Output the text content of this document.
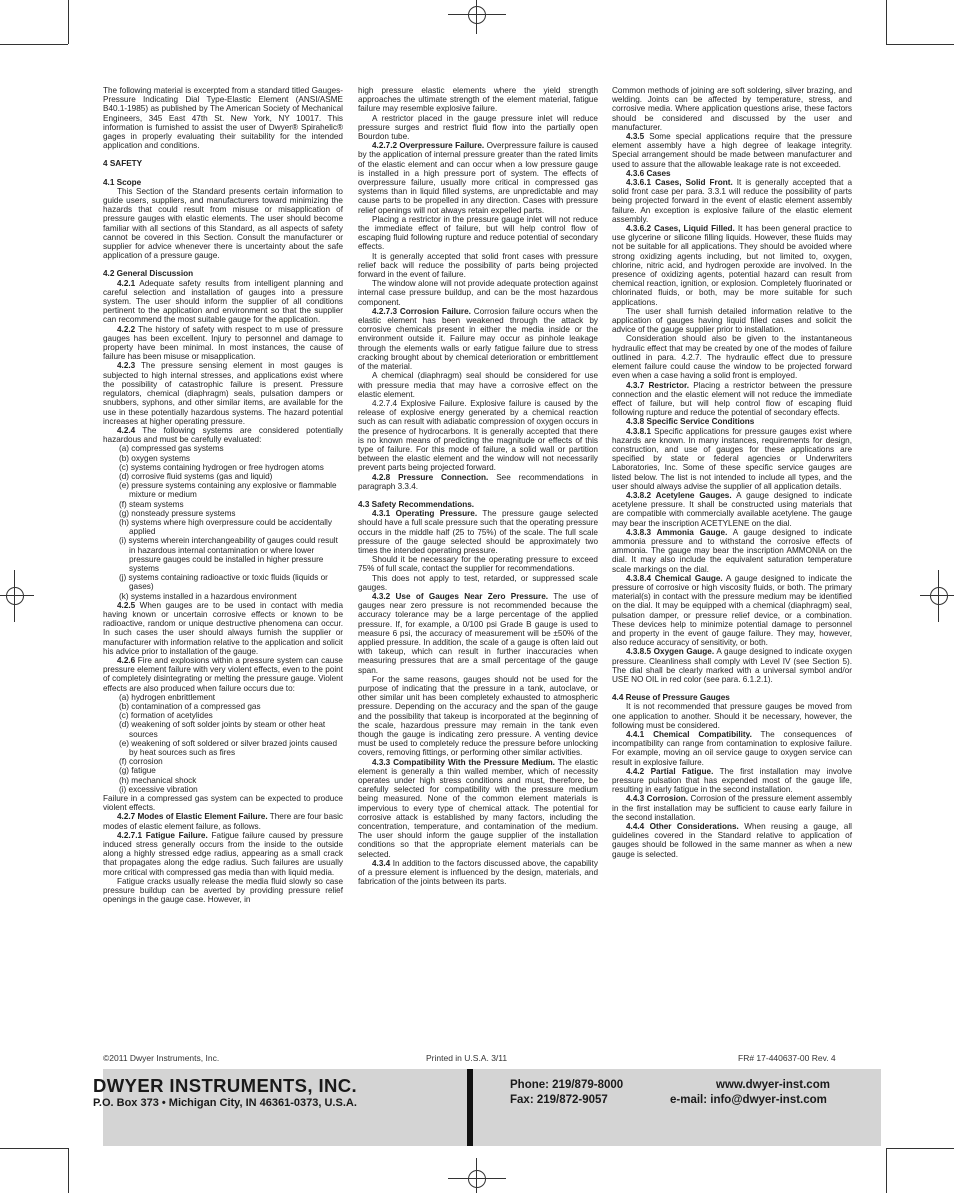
The following material is excerpted from a standard titled Gauges-Pressure Indicating Dial Type-Elastic Element (ANSI/ASME B40.1-1985) as published by The American Society of Mechanical Engineers, 345 East 47th St. New York, NY 10017. This information is furnished to assist the user of Dwyer® Spirahelic® gages in properly evaluating their suitability for the intended application and conditions.

4 SAFETY

4.1 Scope

This Section of the Standard presents certain information to guide users, suppliers, and manufacturers toward minimizing the hazards that could result from misuse or misapplication of pressure gauges with elastic elements. The user should become familiar with all sections of this Standard, as all aspects of safety cannot be covered in this Section. Consult the manufacturer or supplier for advice whenever there is uncertainty about the safe application of a pressure gauge.

4.2 General Discussion

4.2.1 Adequate safety results from intelligent planning and careful selection and installation of gauges into a pressure system. The user should inform the supplier of all conditions pertinent to the application and environment so that the supplier can recommend the most suitable gauge for the application.

4.2.2 The history of safety with respect to m use of pressure gauges has been excellent. Injury to personnel and damage to property have been minimal. In most instances, the cause of failure has been misuse or misapplication.

4.2.3 The pressure sensing element in most gauges is subjected to high internal stresses, and applications exist where the possibility of catastrophic failure is present. Pressure regulators, chemical (diaphragm) seals, pulsation dampers or snubbers, syphons, and other similar items, are available for the use in these potentially hazardous systems. The hazard potential increases at higher operating pressure.

4.2.4 The following systems are considered potentially hazardous and must be carefully evaluated:

(a) compressed gas systems
(b) oxygen systems
(c) systems containing hydrogen or free hydrogen atoms
(d) corrosive fluid systems (gas and liquid)
(e) pressure systems containing any explosive or flammable mixture or medium
(f) steam systems
(g) nonsteady pressure systems
(h) systems where high overpressure could be accidentally applied
(i) systems wherein interchangeability of gauges could result in hazardous internal contamination or where lower pressure gauges could be installed in higher pressure systems
(j) systems containing radioactive or toxic fluids (liquids or gases)
(k) systems installed in a hazardous environment

4.2.5 When gauges are to be used in contact with media having known or uncertain corrosive effects or known to be radioactive, random or unique destructive phenomena can occur. In such cases the user should always furnish the supplier or manufacturer with information relative to the application and solicit his advice prior to installation of the gauge.

4.2.6 Fire and explosions within a pressure system can cause pressure element failure with very violent effects, even to the point of completely disintegrating or melting the pressure gauge. Violent effects are also produced when failure occurs due to:

(a) hydrogen enbrittlement
(b) contamination of a compressed gas
(c) formation of acetylides
(d) weakening of soft solder joints by steam or other heat sources
(e) weakening of soft soldered or silver brazed joints caused by heat sources such as fires
(f) corrosion
(g) fatigue
(h) mechanical shock
(i) excessive vibration

Failure in a compressed gas system can be expected to produce violent effects.

4.2.7 Modes of Elastic Element Failure. There are four basic modes of elastic element failure, as follows.

4.2.7.1 Fatigue Failure. Fatigue failure caused by pressure induced stress generally occurs from the inside to the outside along a highly stressed edge radius, appearing as a small crack that propagates along the edge radius. Such failures are usually more critical with compressed gas media than with liquid media.

Fatigue cracks usually release the media fluid slowly so case pressure buildup can be averted by providing pressure relief openings in the gauge case. However, in

high pressure elastic elements where the yield strength approaches the ultimate strength of the element material, fatigue failure may resemble explosive failure.

A restrictor placed in the gauge pressure inlet will reduce pressure surges and restrict fluid flow into the partially open Bourdon tube.

4.2.7.2 Overpressure Failure. Overpressure failure is caused by the application of internal pressure greater than the rated limits of the elastic element and can occur when a low pressure gauge is installed in a high pressure port of system. The effects of overpressure failure, usually more critical in compressed gas systems than in liquid filled systems, are unpredictable and may cause parts to be propelled in any direction. Cases with pressure relief openings will not always retain expelled parts.

Placing a restrictor in the pressure gauge inlet will not reduce the immediate effect of failure, but will help control flow of escaping fluid following rupture and reduce potential of secondary effects.

It is generally accepted that solid front cases with pressure relief back will reduce the possibility of parts being projected forward in the event of failure.

The window alone will not provide adequate protection against internal case pressure buildup, and can be the most hazardous component.

4.2.7.3 Corrosion Failure. Corrosion failure occurs when the elastic element has been weakened through the attack by corrosive chemicals present in either the media inside or the environment outside it. Failure may occur as pinhole leakage through the elements walls or early fatigue failure due to stress cracking brought about by chemical deterioration or embrittlement of the material.

A chemical (diaphragm) seal should be considered for use with pressure media that may have a corrosive effect on the elastic element.

4.2.7.4 Explosive Failure. Explosive failure is caused by the release of explosive energy generated by a chemical reaction such as can result with adiabatic compression of oxygen occurs in the presence of hydrocarbons. It is generally accepted that there is no known means of predicting the magnitude or effects of this type of failure. For this mode of failure, a solid wall or partition between the elastic element and the window will not necessarily prevent parts being projected forward.

4.2.8 Pressure Connection. See recommendations in paragraph 3.3.4.

4.3 Safety Recommendations.

4.3.1 Operating Pressure. The pressure gauge selected should have a full scale pressure such that the operating pressure occurs in the middle half (25 to 75%) of the scale. The full scale pressure of the gauge selected should be approximately two times the intended operating pressure.

Should it be necessary for the operating pressure to exceed 75% of full scale, contact the supplier for recommendations.

This does not apply to test, retarded, or suppressed scale gauges.

4.3.2 Use of Gauges Near Zero Pressure. The use of gauges near zero pressure is not recommended because the accuracy tolerance may be a large percentage of the applied pressure. If, for example, a 0/100 psi Grade B gauge is used to measure 6 psi, the accuracy of measurement will be ±50% of the applied pressure. In addition, the scale of a gauge is often laid out with takeup, which can result in further inaccuracies when measuring pressures that are a small percentage of the gauge span.

For the same reasons, gauges should not be used for the purpose of indicating that the pressure in a tank, autoclave, or other similar unit has been completely exhausted to atmospheric pressure. Depending on the accuracy and the span of the gauge and the possibility that takeup is incorporated at the beginning of the scale, hazardous pressure may remain in the tank even though the gauge is indicating zero pressure. A venting device must be used to completely reduce the pressure before unlocking covers, removing fittings, or performing other similar activities.

4.3.3 Compatibility With the Pressure Medium. The elastic element is generally a thin walled member, which of necessity operates under high stress conditions and must, therefore, be carefully selected for compatibility with the pressure medium being measured. None of the common element materials is impervious to every type of chemical attack. The potential for corrosive attack is established by many factors, including the concentration, temperature, and contamination of the medium. The user should inform the gauge supplier of the installation conditions so that the appropriate element materials can be selected.

4.3.4 In addition to the factors discussed above, the capability of a pressure element is influenced by the design, materials, and fabrication of the joints between its parts.

Common methods of joining are soft soldering, silver brazing, and welding. Joints can be affected by temperature, stress, and corrosive media. Where application questions arise, these factors should be considered and discussed by the user and manufacturer.

4.3.5 Some special applications require that the pressure element assembly have a high degree of leakage integrity. Special arrangement should be made between manufacturer and used to assure that the allowable leakage rate is not exceeded.

4.3.6 Cases

4.3.6.1 Cases, Solid Front. It is generally accepted that a solid front case per para. 3.3.1 will reduce the possibility of parts being projected forward in the event of elastic element assembly failure. An exception is explosive failure of the elastic element assembly.

4.3.6.2 Cases, Liquid Filled. It has been general practice to use glycerine or silicone filling liquids. However, these fluids may not be suitable for all applications. They should be avoided where strong oxidizing agents including, but not limited to, oxygen, chlorine, nitric acid, and hydrogen peroxide are involved. In the presence of oxidizing agents, potential hazard can result from chemical reaction, ignition, or explosion. Completely fluorinated or chlorinated fluids, or both, may be more suitable for such applications.

The user shall furnish detailed information relative to the application of gauges having liquid filled cases and solicit the advice of the gauge supplier prior to installation.

Consideration should also be given to the instantaneous hydraulic effect that may be created by one of the modes of failure outlined in para. 4.2.7. The hydraulic effect due to pressure element failure could cause the window to be projected forward even when a case having a solid front is employed.

4.3.7 Restrictor. Placing a restrictor between the pressure connection and the elastic element will not reduce the immediate effect of failure, but will help control flow of escaping fluid following rupture and reduce the potential of secondary effects.

4.3.8 Specific Service Conditions

4.3.8.1 Specific applications for pressure gauges exist where hazards are known. In many instances, requirements for design, construction, and use of gauges for these applications are specified by state or federal agencies or Underwriters Laboratories, Inc. Some of these specific service gauges are listed below. The list is not intended to include all types, and the user should always advise the supplier of all application details.

4.3.8.2 Acetylene Gauges. A gauge designed to indicate acetylene pressure. It shall be constructed using materials that are compatible with commercially available acetylene. The gauge may bear the inscription ACETYLENE on the dial.

4.3.8.3 Ammonia Gauge. A gauge designed to indicate ammonia pressure and to withstand the corrosive effects of ammonia. The gauge may bear the inscription AMMONIA on the dial. It may also include the equivalent saturation temperature scale markings on the dial.

4.3.8.4 Chemical Gauge. A gauge designed to indicate the pressure of corrosive or high viscosity fluids, or both. The primary material(s) in contact with the pressure medium may be identified on the dial. It may be equipped with a chemical (diaphragm) seal, pulsation damper, or pressure relief device, or a combination. These devices help to minimize potential damage to personnel and property in the event of gauge failure. They may, however, also reduce accuracy of sensitivity, or both.

4.3.8.5 Oxygen Gauge. A gauge designed to indicate oxygen pressure. Cleanliness shall comply with Level IV (see Section 5). The dial shall be clearly marked with a universal symbol and/or USE NO OIL in red color (see para. 6.1.2.1).

4.4 Reuse of Pressure Gauges

It is not recommended that pressure gauges be moved from one application to another. Should it be necessary, however, the following must be considered.

4.4.1 Chemical Compatibility. The consequences of incompatibility can range from contamination to explosive failure. For example, moving an oil service gauge to oxygen service can result in explosive failure.

4.4.2 Partial Fatigue. The first installation may involve pressure pulsation that has expended most of the gauge life, resulting in early fatigue in the second installation.

4.4.3 Corrosion. Corrosion of the pressure element assembly in the first installation may be sufficient to cause early failure in the second installation.

4.4.4 Other Considerations. When reusing a gauge, all guidelines covered in the Standard relative to application of gauges should be followed in the same manner as when a new gauge is selected.

©2011 Dwyer Instruments, Inc.	Printed in U.S.A. 3/11	FR# 17-440637-00 Rev. 4
DWYER INSTRUMENTS, INC.
P.O. Box 373 • Michigan City, IN 46361-0373, U.S.A.
Phone: 219/879-8000
Fax: 219/872-9057
www.dwyer-inst.com
e-mail: info@dwyer-inst.com
